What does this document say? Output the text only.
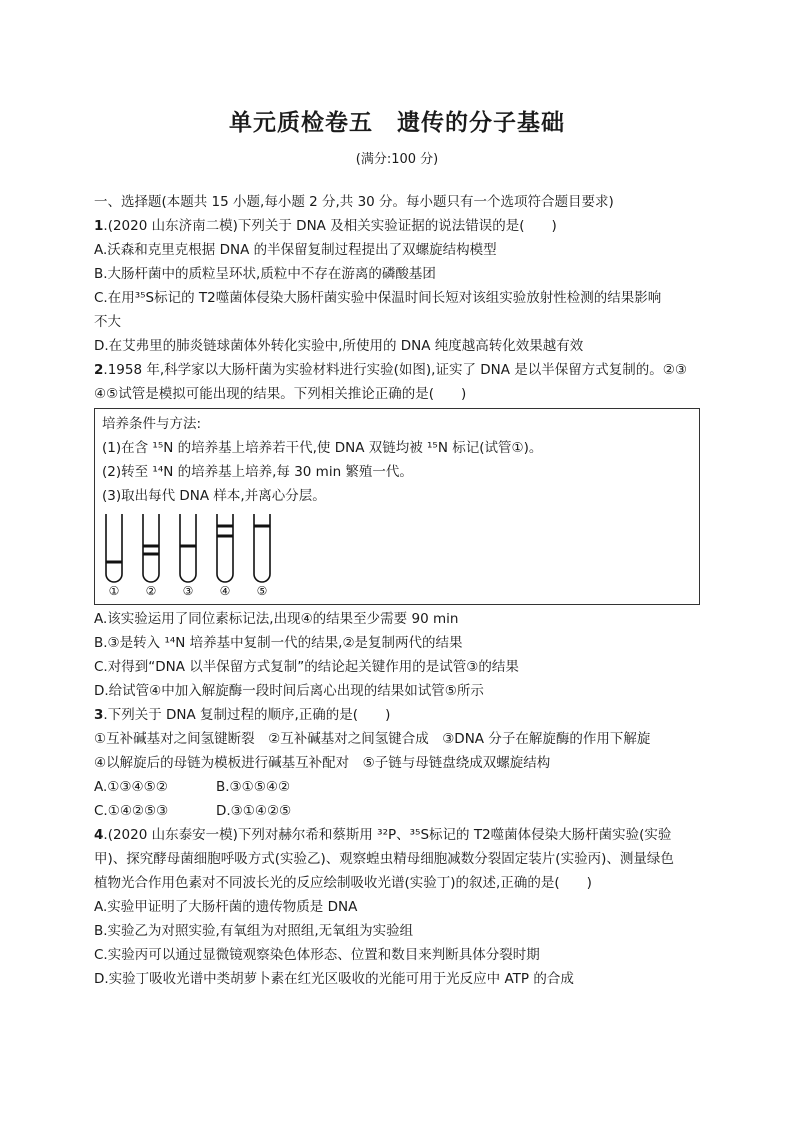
单元质检卷五　遗传的分子基础
(满分:100 分)
一、选择题(本题共 15 小题,每小题 2 分,共 30 分。每小题只有一个选项符合题目要求)
1.(2020 山东济南二模)下列关于 DNA 及相关实验证据的说法错误的是(　　)
A.沃森和克里克根据 DNA 的半保留复制过程提出了双螺旋结构模型
B.大肠杆菌中的质粒呈环状,质粒中不存在游离的磷酸基团
C.在用³⁵S标记的 T2噬菌体侵染大肠杆菌实验中保温时间长短对该组实验放射性检测的结果影响
不大
D.在艾弗里的肺炎链球菌体外转化实验中,所使用的 DNA 纯度越高转化效果越有效
2.1958 年,科学家以大肠杆菌为实验材料进行实验(如图),证实了 DNA 是以半保留方式复制的。②③
④⑤试管是模拟可能出现的结果。下列相关推论正确的是(　　)
培养条件与方法:
(1)在含 ¹⁵N 的培养基上培养若干代,使 DNA 双链均被 ¹⁵N 标记(试管①)。
(2)转至 ¹⁴N 的培养基上培养,每 30 min 繁殖一代。
(3)取出每代 DNA 样本,并离心分层。
① ② ③ ④ ⑤
A.该实验运用了同位素标记法,出现④的结果至少需要 90 min
B.③是转入 ¹⁴N 培养基中复制一代的结果,②是复制两代的结果
C.对得到“DNA 以半保留方式复制”的结论起关键作用的是试管③的结果
D.给试管④中加入解旋酶一段时间后离心出现的结果如试管⑤所示
3.下列关于 DNA 复制过程的顺序,正确的是(　　)
①互补碱基对之间氢键断裂　②互补碱基对之间氢键合成　③DNA 分子在解旋酶的作用下解旋
④以解旋后的母链为模板进行碱基互补配对　⑤子链与母链盘绕成双螺旋结构
A.①③④⑤②	B.③①⑤④②
C.①④②⑤③	D.③①④②⑤
4.(2020 山东泰安一模)下列对赫尔希和蔡斯用 ³²P、³⁵S标记的 T2噬菌体侵染大肠杆菌实验(实验
甲)、探究酵母菌细胞呼吸方式(实验乙)、观察蝗虫精母细胞减数分裂固定装片(实验丙)、测量绿色
植物光合作用色素对不同波长光的反应绘制吸收光谱(实验丁)的叙述,正确的是(　　)
A.实验甲证明了大肠杆菌的遗传物质是 DNA
B.实验乙为对照实验,有氧组为对照组,无氧组为实验组
C.实验丙可以通过显微镜观察染色体形态、位置和数目来判断具体分裂时期
D.实验丁吸收光谱中类胡萝卜素在红光区吸收的光能可用于光反应中 ATP 的合成
